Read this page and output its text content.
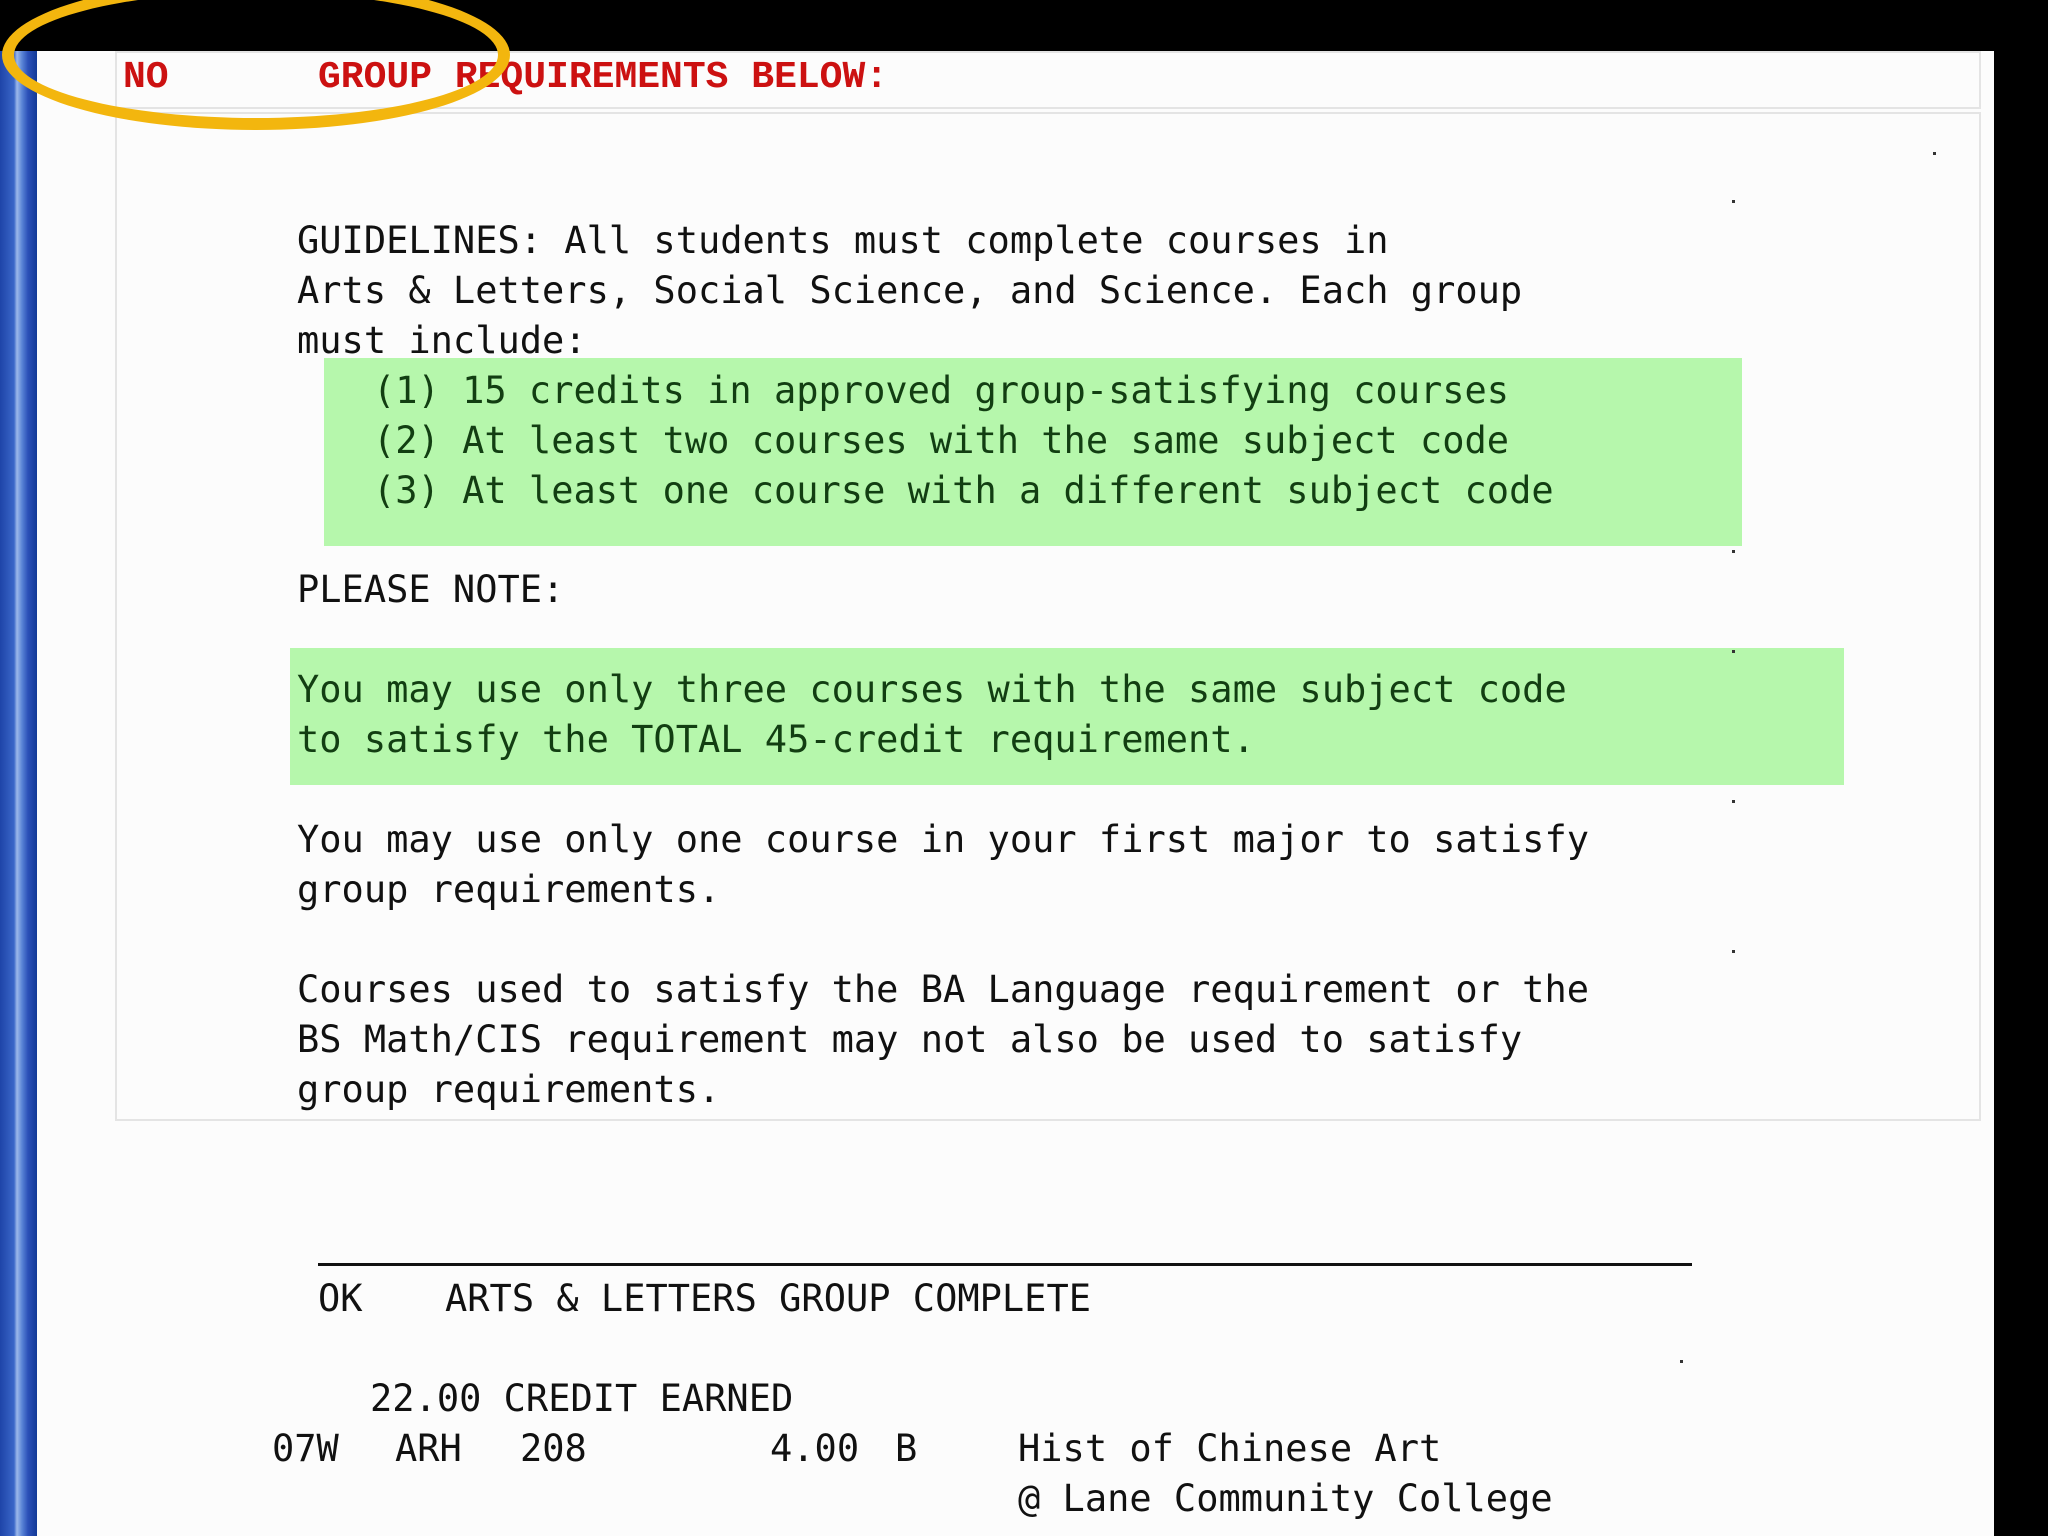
NO	GROUP REQUIREMENTS BELOW:
GUIDELINES: All students must complete courses in
Arts & Letters, Social Science, and Science. Each group
must include:
(1) 15 credits in approved group-satisfying courses
(2) At least two courses with the same subject code
(3) At least one course with a different subject code
PLEASE NOTE:
You may use only three courses with the same subject code
to satisfy the TOTAL 45-credit requirement.
You may use only one course in your first major to satisfy
group requirements.
Courses used to satisfy the BA Language requirement or the
BS Math/CIS requirement may not also be used to satisfy
group requirements.
OK ARTS & LETTERS GROUP COMPLETE
22.00 CREDIT EARNED
07W ARH 208	4.00 B	Hist of Chinese Art
@ Lane Community College
